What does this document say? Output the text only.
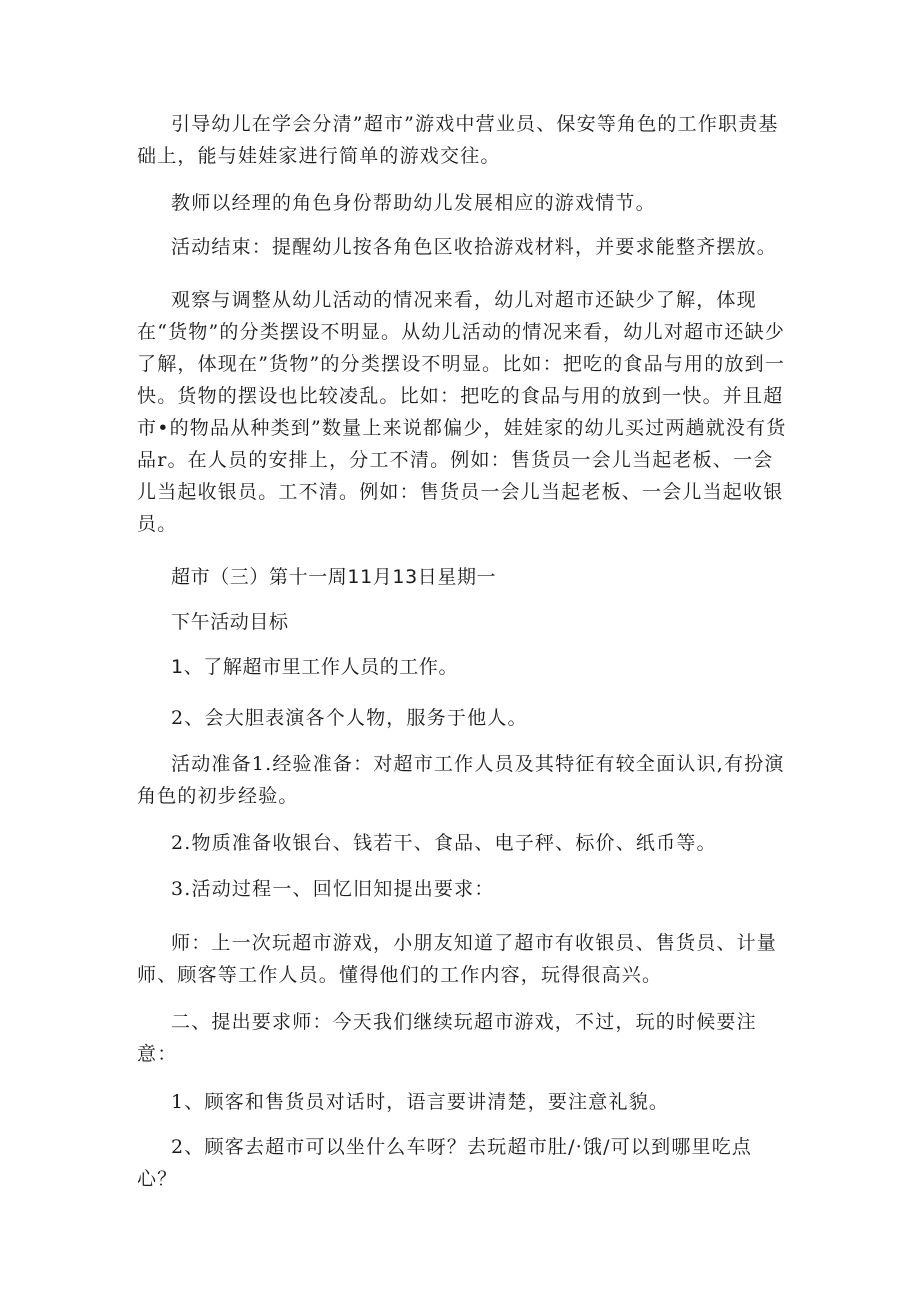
引导幼儿在学会分清”超市”游戏中营业员、保安等角色的工作职责基础上，能与娃娃家进行简单的游戏交往。

教师以经理的角色身份帮助幼儿发展相应的游戏情节。

活动结束：提醒幼儿按各角色区收拾游戏材料，并要求能整齐摆放。

观察与调整从幼儿活动的情况来看，幼儿对超市还缺少了解，体现在“货物”的分类摆设不明显。从幼儿活动的情况来看，幼儿对超市还缺少了解，体现在”货物”的分类摆设不明显。比如：把吃的食品与用的放到一快。货物的摆设也比较凌乱。比如：把吃的食品与用的放到一快。并且超市•的物品从种类到”数量上来说都偏少，娃娃家的幼儿买过两趟就没有货品r。在人员的安排上，分工不清。例如：售货员一会儿当起老板、一会儿当起收银员。工不清。例如：售货员一会儿当起老板、一会儿当起收银员。

超市（三）第十一周11月13日星期一

下午活动目标

1、了解超市里工作人员的工作。

2、会大胆表演各个人物，服务于他人。

活动准备1.经验准备：对超市工作人员及其特征有较全面认识,有扮演角色的初步经验。

2.物质准备收银台、钱若干、食品、电子秤、标价、纸币等。

3.活动过程一、回忆旧知提出要求：

师：上一次玩超市游戏，小朋友知道了超市有收银员、售货员、计量师、顾客等工作人员。懂得他们的工作内容，玩得很高兴。

二、提出要求师：今天我们继续玩超市游戏，不过，玩的时候要注意：

1、顾客和售货员对话时，语言要讲清楚，要注意礼貌。

2、顾客去超市可以坐什么车呀？去玩超市肚/·饿/可以到哪里吃点心？
